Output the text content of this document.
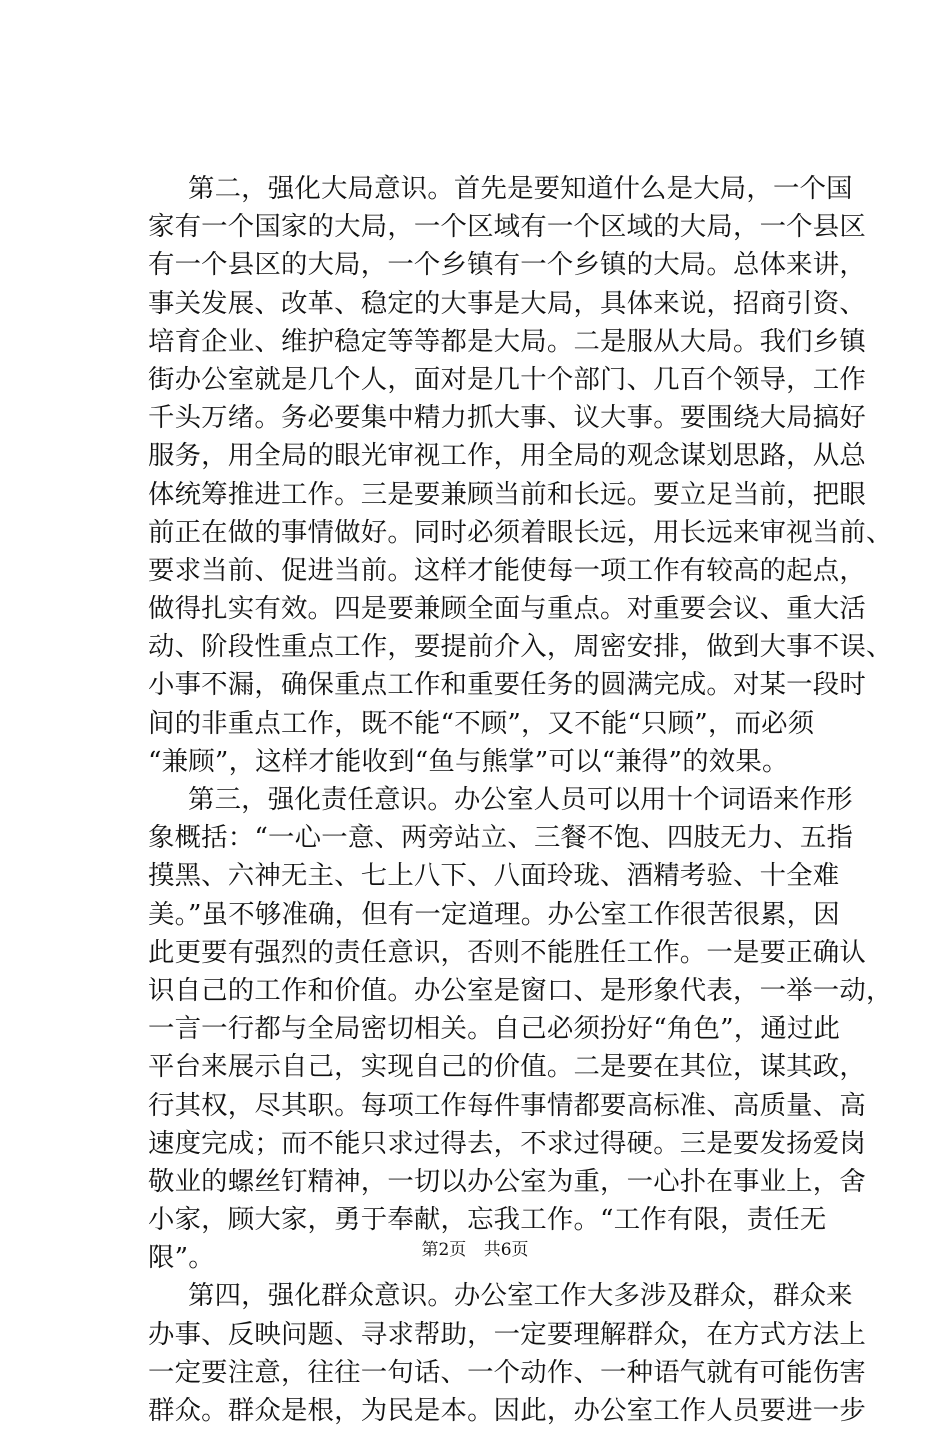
第二，强化大局意识。首先是要知道什么是大局，一个国
家有一个国家的大局，一个区域有一个区域的大局，一个县区
有一个县区的大局，一个乡镇有一个乡镇的大局。总体来讲，
事关发展、改革、稳定的大事是大局，具体来说，招商引资、
培育企业、维护稳定等等都是大局。二是服从大局。我们乡镇
街办公室就是几个人，面对是几十个部门、几百个领导，工作
千头万绪。务必要集中精力抓大事、议大事。要围绕大局搞好
服务，用全局的眼光审视工作，用全局的观念谋划思路，从总
体统筹推进工作。三是要兼顾当前和长远。要立足当前，把眼
前正在做的事情做好。同时必须着眼长远，用长远来审视当前、
要求当前、促进当前。这样才能使每一项工作有较高的起点，
做得扎实有效。四是要兼顾全面与重点。对重要会议、重大活
动、阶段性重点工作，要提前介入，周密安排，做到大事不误、
小事不漏，确保重点工作和重要任务的圆满完成。对某一段时
间的非重点工作，既不能“不顾”，又不能“只顾”，而必须
“兼顾”，这样才能收到“鱼与熊掌”可以“兼得”的效果。
第三，强化责任意识。办公室人员可以用十个词语来作形
象概括：“一心一意、两旁站立、三餐不饱、四肢无力、五指
摸黑、六神无主、七上八下、八面玲珑、酒精考验、十全难
美。”虽不够准确，但有一定道理。办公室工作很苦很累，因
此更要有强烈的责任意识，否则不能胜任工作。一是要正确认
识自己的工作和价值。办公室是窗口、是形象代表，一举一动，
一言一行都与全局密切相关。自己必须扮好“角色”，通过此
平台来展示自己，实现自己的价值。二是要在其位，谋其政，
行其权，尽其职。每项工作每件事情都要高标准、高质量、高
速度完成；而不能只求过得去，不求过得硬。三是要发扬爱岗
敬业的螺丝钉精神，一切以办公室为重，一心扑在事业上，舍
小家，顾大家，勇于奉献，忘我工作。“工作有限，责任无
限”。
第四，强化群众意识。办公室工作大多涉及群众，群众来
办事、反映问题、寻求帮助，一定要理解群众，在方式方法上
一定要注意，往往一句话、一个动作、一种语气就有可能伤害
群众。群众是根，为民是本。因此，办公室工作人员要进一步
第2页 共6页
